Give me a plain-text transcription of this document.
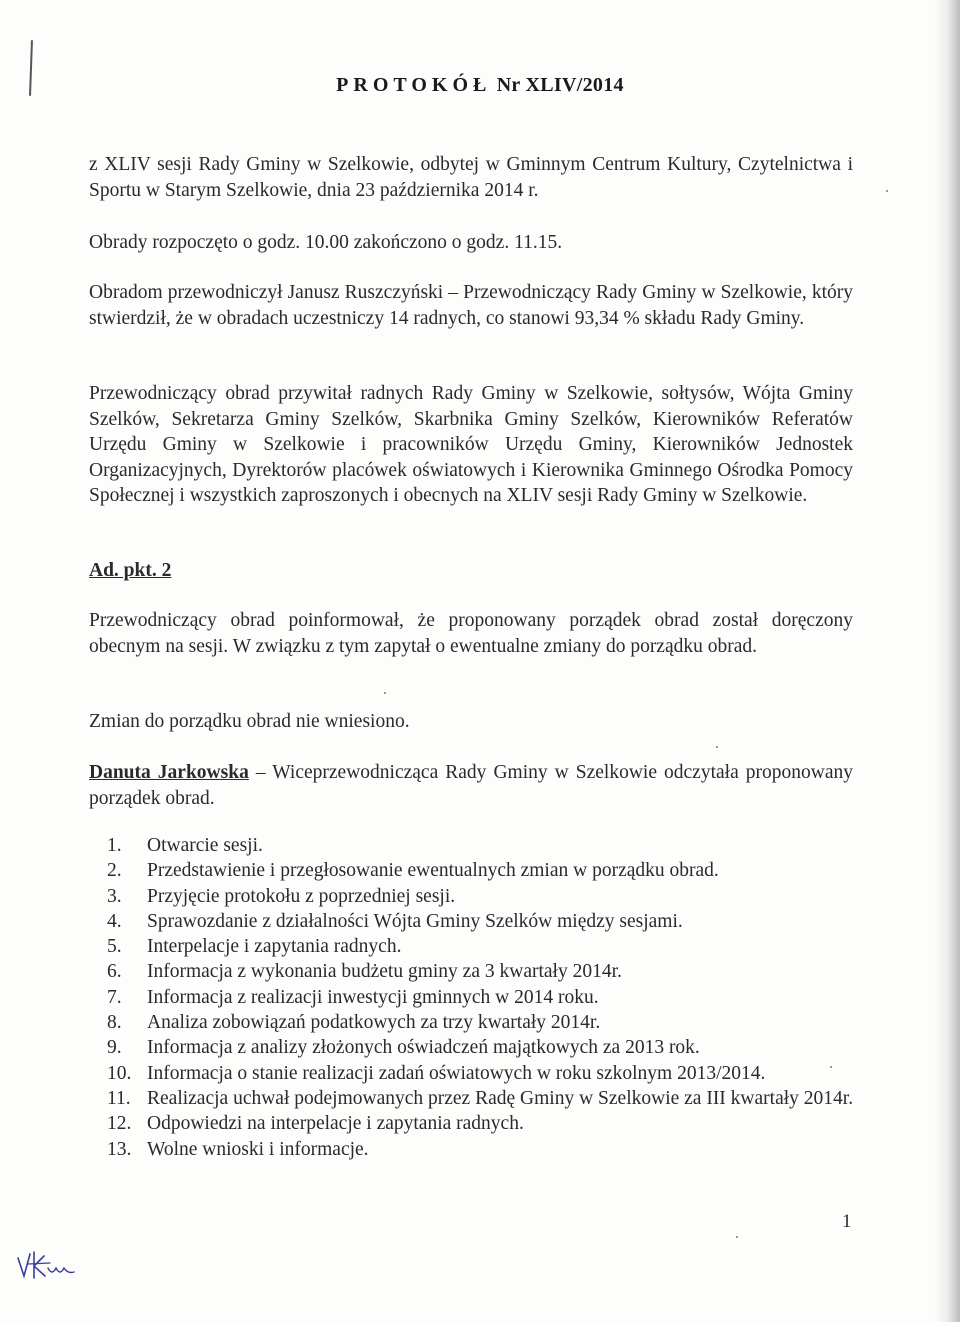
PROTOKÓŁ Nr XLIV/2014

z XLIV sesji Rady Gminy w Szelkowie, odbytej w Gminnym Centrum Kultury, Czytelnictwa i Sportu w Starym Szelkowie, dnia 23 października 2014 r.

Obrady rozpoczęto o godz. 10.00 zakończono o godz. 11.15.

Obradom przewodniczył Janusz Ruszczyński – Przewodniczący Rady Gminy w Szelkowie, który stwierdził, że w obradach uczestniczy 14 radnych, co stanowi 93,34 % składu Rady Gminy.

Przewodniczący obrad przywitał radnych Rady Gminy w Szelkowie, sołtysów, Wójta Gminy Szelków, Sekretarza Gminy Szelków, Skarbnika Gminy Szelków, Kierowników Referatów Urzędu Gminy w Szelkowie i pracowników Urzędu Gminy, Kierowników Jednostek Organizacyjnych, Dyrektorów placówek oświatowych i Kierownika Gminnego Ośrodka Pomocy Społecznej i wszystkich zaproszonych i obecnych na XLIV sesji Rady Gminy w Szelkowie.

Ad. pkt. 2

Przewodniczący obrad poinformował, że proponowany porządek obrad został doręczony obecnym na sesji. W związku z tym zapytał o ewentualne zmiany do porządku obrad.

Zmian do porządku obrad nie wniesiono.

Danuta Jarkowska – Wiceprzewodnicząca Rady Gminy w Szelkowie odczytała proponowany porządek obrad.

1.	Otwarcie sesji.
2.	Przedstawienie i przegłosowanie ewentualnych zmian w porządku obrad.
3.	Przyjęcie protokołu z poprzedniej sesji.
4.	Sprawozdanie z działalności Wójta Gminy Szelków między sesjami.
5.	Interpelacje i zapytania radnych.
6.	Informacja z wykonania budżetu gminy za 3 kwartały 2014r.
7.	Informacja z realizacji inwestycji gminnych w 2014 roku.
8.	Analiza zobowiązań podatkowych za trzy kwartały 2014r.
9.	Informacja z analizy złożonych oświadczeń majątkowych za 2013 rok.
10. Informacja o stanie realizacji zadań oświatowych w roku szkolnym 2013/2014.
11. Realizacja uchwał podejmowanych przez Radę Gminy w Szelkowie za III kwartały 2014r.
12. Odpowiedzi na interpelacje i zapytania radnych.
13. Wolne wnioski i informacje.
1
